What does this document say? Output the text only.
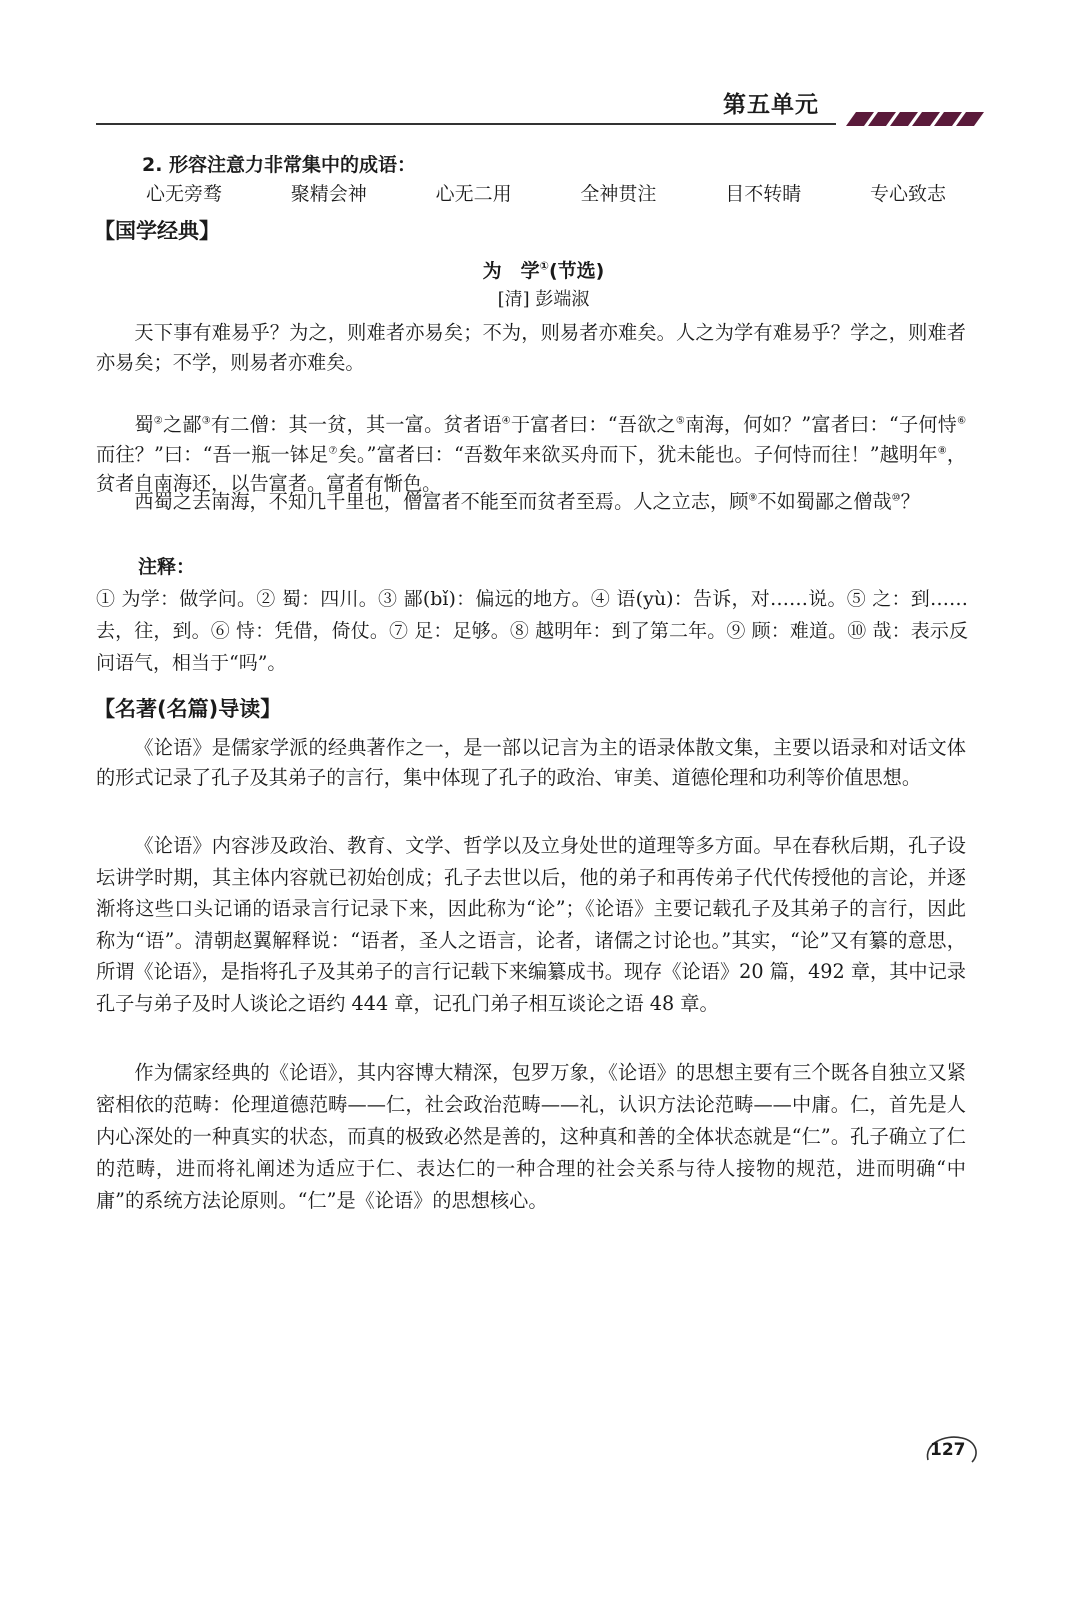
第五单元
2. 形容注意力非常集中的成语：
心无旁骛	聚精会神	心无二用	全神贯注	目不转睛	专心致志
【国学经典】
为　学①(节选)
[清] 彭端淑

天下事有难易乎？为之，则难者亦易矣；不为，则易者亦难矣。人之为学有难易乎？学之，则难者亦易矣；不学，则易者亦难矣。

蜀②之鄙③有二僧：其一贫，其一富。贫者语④于富者曰：“吾欲之⑤南海，何如？”富者曰：“子何恃⑥而往？”曰：“吾一瓶一钵足⑦矣。”富者曰：“吾数年来欲买舟而下，犹未能也。子何恃而往！”越明年⑧，贫者自南海还，以告富者。富者有惭色。

西蜀之去南海，不知几千里也，僧富者不能至而贫者至焉。人之立志，顾⑨不如蜀鄙之僧哉⑩？

注释：

① 为学：做学问。② 蜀：四川。③ 鄙(bǐ)：偏远的地方。④ 语(yù)：告诉，对……说。⑤ 之：到……去，往，到。⑥ 恃：凭借，倚仗。⑦ 足：足够。⑧ 越明年：到了第二年。⑨ 顾：难道。⑩ 哉：表示反问语气，相当于“吗”。

【名著(名篇)导读】

《论语》是儒家学派的经典著作之一，是一部以记言为主的语录体散文集，主要以语录和对话文体的形式记录了孔子及其弟子的言行，集中体现了孔子的政治、审美、道德伦理和功利等价值思想。

《论语》内容涉及政治、教育、文学、哲学以及立身处世的道理等多方面。早在春秋后期，孔子设坛讲学时期，其主体内容就已初始创成；孔子去世以后，他的弟子和再传弟子代代传授他的言论，并逐渐将这些口头记诵的语录言行记录下来，因此称为“论”；《论语》主要记载孔子及其弟子的言行，因此称为“语”。清朝赵翼解释说：“语者，圣人之语言，论者，诸儒之讨论也。”其实，“论”又有纂的意思，所谓《论语》，是指将孔子及其弟子的言行记载下来编纂成书。现存《论语》20 篇，492 章，其中记录孔子与弟子及时人谈论之语约 444 章，记孔门弟子相互谈论之语 48 章。

作为儒家经典的《论语》，其内容博大精深，包罗万象，《论语》的思想主要有三个既各自独立又紧密相依的范畴：伦理道德范畴——仁，社会政治范畴——礼，认识方法论范畴——中庸。仁，首先是人内心深处的一种真实的状态，而真的极致必然是善的，这种真和善的全体状态就是“仁”。孔子确立了仁的范畴，进而将礼阐述为适应于仁、表达仁的一种合理的社会关系与待人接物的规范，进而明确“中庸”的系统方法论原则。“仁”是《论语》的思想核心。

127
